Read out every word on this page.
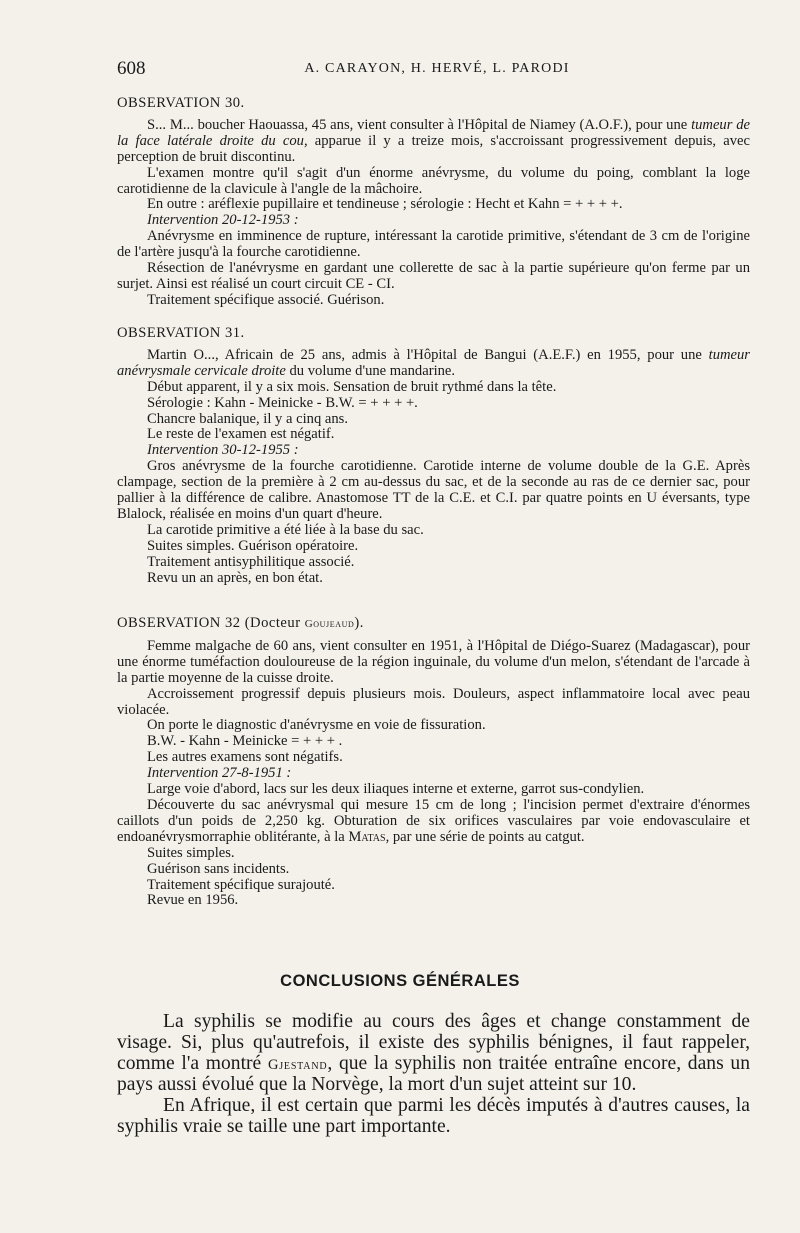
608	A. CARAYON, H. HERVÉ, L. PARODI
OBSERVATION 30.

S... M... boucher Haouassa, 45 ans, vient consulter à l'Hôpital de Niamey (A.O.F.), pour une tumeur de la face latérale droite du cou, apparue il y a treize mois, s'accroissant progressivement depuis, avec perception de bruit discontinu.

L'examen montre qu'il s'agit d'un énorme anévrysme, du volume du poing, comblant la loge carotidienne de la clavicule à l'angle de la mâchoire.

En outre : aréflexie pupillaire et tendineuse ; sérologie : Hecht et Kahn = + + + +.

Intervention 20-12-1953 :

Anévrysme en imminence de rupture, intéressant la carotide primitive, s'étendant de 3 cm de l'origine de l'artère jusqu'à la fourche carotidienne.

Résection de l'anévrysme en gardant une collerette de sac à la partie supérieure qu'on ferme par un surjet. Ainsi est réalisé un court circuit CE - CI.

Traitement spécifique associé. Guérison.

OBSERVATION 31.

Martin O..., Africain de 25 ans, admis à l'Hôpital de Bangui (A.E.F.) en 1955, pour une tumeur anévrysmale cervicale droite du volume d'une mandarine.

Début apparent, il y a six mois. Sensation de bruit rythmé dans la tête.

Sérologie : Kahn - Meinicke - B.W. = + + + +.

Chancre balanique, il y a cinq ans.

Le reste de l'examen est négatif.

Intervention 30-12-1955 :

Gros anévrysme de la fourche carotidienne. Carotide interne de volume double de la G.E. Après clampage, section de la première à 2 cm au-dessus du sac, et de la seconde au ras de ce dernier sac, pour pallier à la différence de calibre. Anastomose TT de la C.E. et C.I. par quatre points en U éversants, type Blalock, réalisée en moins d'un quart d'heure.

La carotide primitive a été liée à la base du sac.

Suites simples. Guérison opératoire.

Traitement antisyphilitique associé.

Revu un an après, en bon état.

OBSERVATION 32 (Docteur Goujeaud).

Femme malgache de 60 ans, vient consulter en 1951, à l'Hôpital de Diégo-Suarez (Madagascar), pour une énorme tuméfaction douloureuse de la région inguinale, du volume d'un melon, s'étendant de l'arcade à la partie moyenne de la cuisse droite.

Accroissement progressif depuis plusieurs mois. Douleurs, aspect inflammatoire local avec peau violacée.

On porte le diagnostic d'anévrysme en voie de fissuration.

B.W. - Kahn - Meinicke = + + + .

Les autres examens sont négatifs.

Intervention 27-8-1951 :

Large voie d'abord, lacs sur les deux iliaques interne et externe, garrot sus-condylien.

Découverte du sac anévrysmal qui mesure 15 cm de long ; l'incision permet d'extraire d'énormes caillots d'un poids de 2,250 kg. Obturation de six orifices vasculaires par voie endovasculaire et endoanévrysmorraphie oblitérante, à la Matas, par une série de points au catgut.

Suites simples.

Guérison sans incidents.

Traitement spécifique surajouté.

Revue en 1956.

CONCLUSIONS GÉNÉRALES

La syphilis se modifie au cours des âges et change constamment de visage. Si, plus qu'autrefois, il existe des syphilis bénignes, il faut rappeler, comme l'a montré Gjestand, que la syphilis non traitée entraîne encore, dans un pays aussi évolué que la Norvège, la mort d'un sujet atteint sur 10.

En Afrique, il est certain que parmi les décès imputés à d'autres causes, la syphilis vraie se taille une part importante.
